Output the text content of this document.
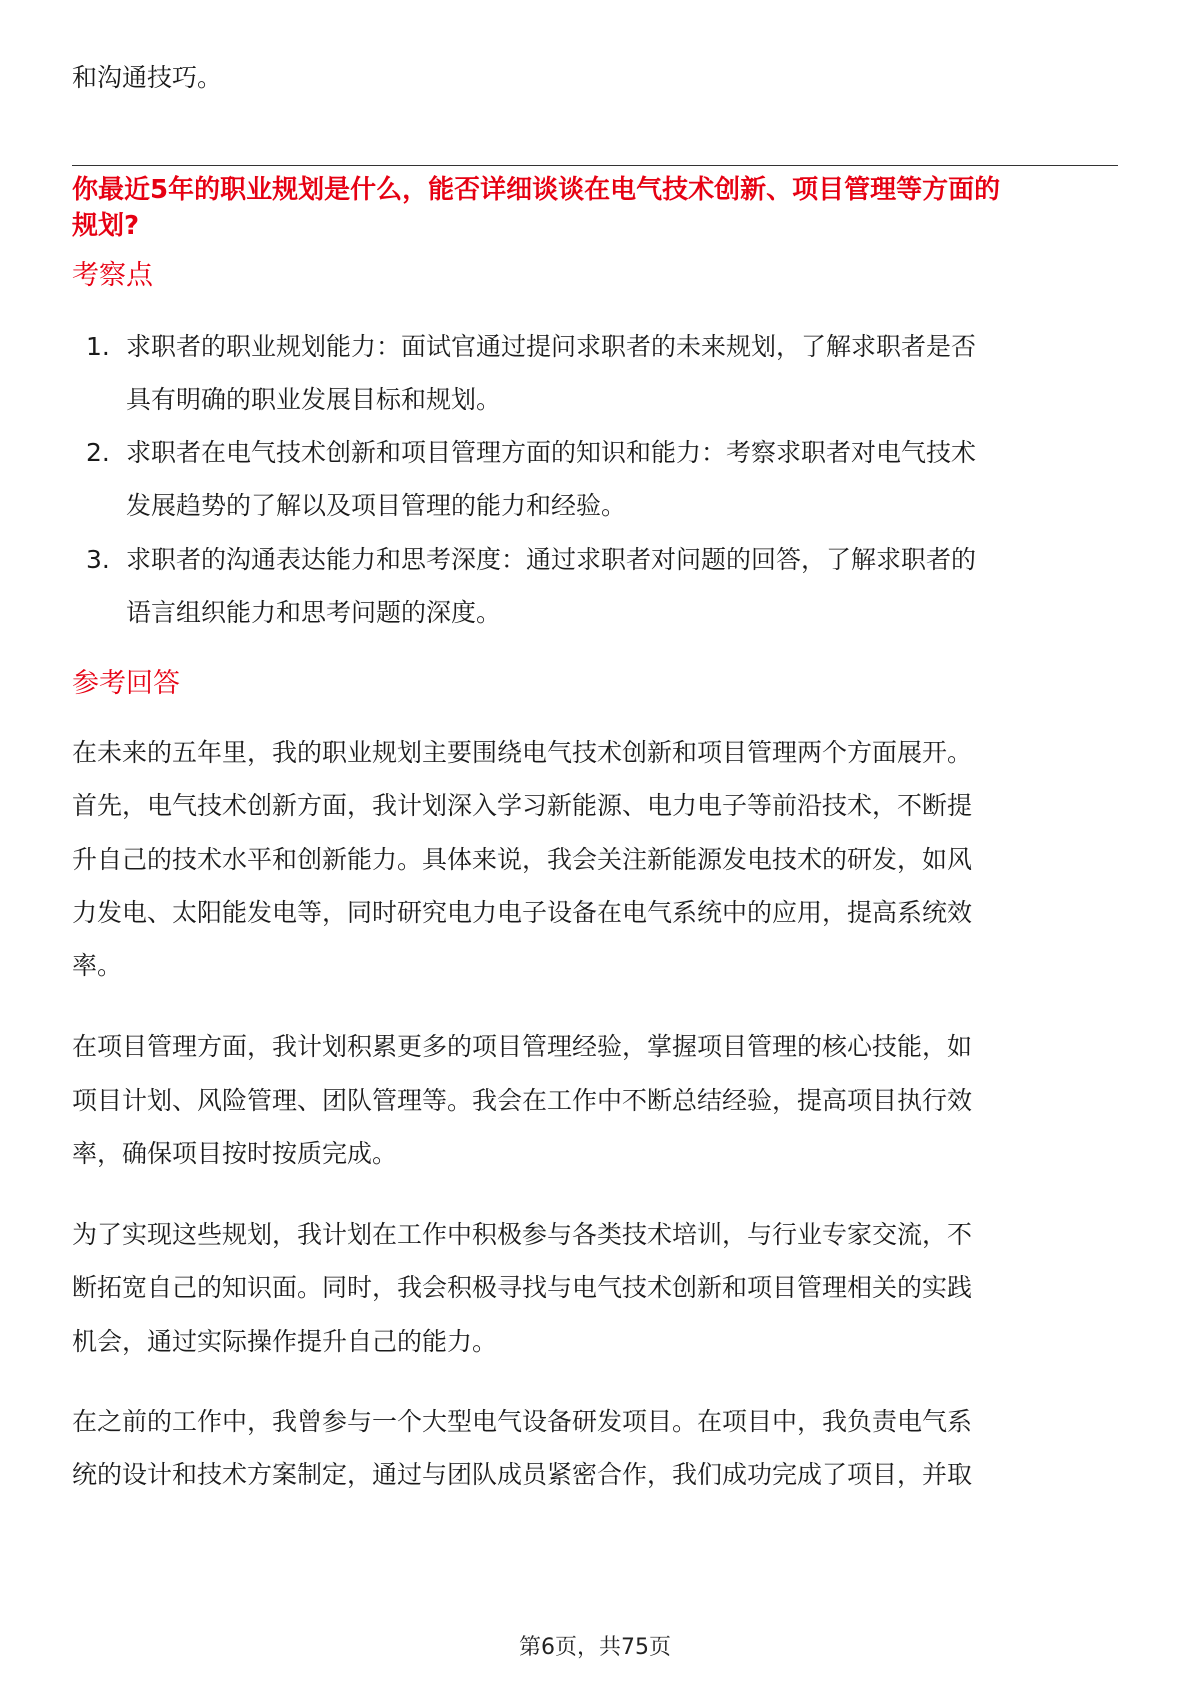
和沟通技巧。
你最近5年的职业规划是什么，能否详细谈谈在电气技术创新、项目管理等方面的
规划?
考察点
1. 求职者的职业规划能力：面试官通过提问求职者的未来规划，了解求职者是否
具有明确的职业发展目标和规划。
2. 求职者在电气技术创新和项目管理方面的知识和能力：考察求职者对电气技术
发展趋势的了解以及项目管理的能力和经验。
3. 求职者的沟通表达能力和思考深度：通过求职者对问题的回答，了解求职者的
语言组织能力和思考问题的深度。
参考回答
在未来的五年里，我的职业规划主要围绕电气技术创新和项目管理两个方面展开。
首先，电气技术创新方面，我计划深入学习新能源、电力电子等前沿技术，不断提
升自己的技术水平和创新能力。具体来说，我会关注新能源发电技术的研发，如风
力发电、太阳能发电等，同时研究电力电子设备在电气系统中的应用，提高系统效
率。
在项目管理方面，我计划积累更多的项目管理经验，掌握项目管理的核心技能，如
项目计划、风险管理、团队管理等。我会在工作中不断总结经验，提高项目执行效
率，确保项目按时按质完成。
为了实现这些规划，我计划在工作中积极参与各类技术培训，与行业专家交流，不
断拓宽自己的知识面。同时，我会积极寻找与电气技术创新和项目管理相关的实践
机会，通过实际操作提升自己的能力。
在之前的工作中，我曾参与一个大型电气设备研发项目。在项目中，我负责电气系
统的设计和技术方案制定，通过与团队成员紧密合作，我们成功完成了项目，并取
第6页，共75页
